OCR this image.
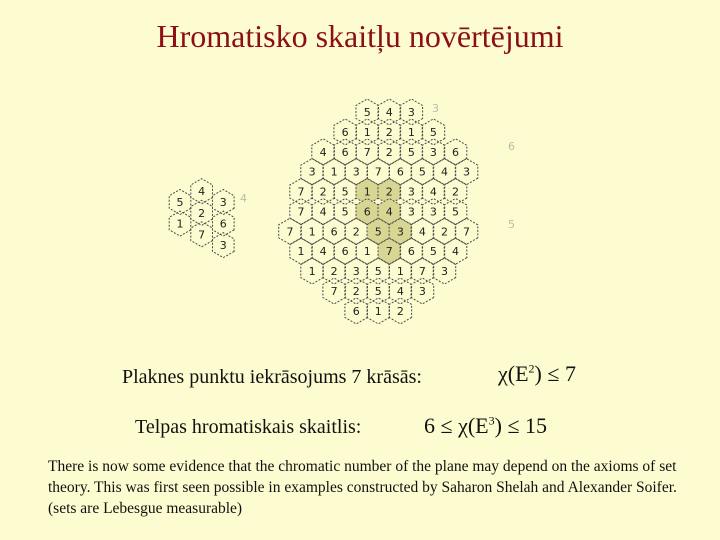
Hromatisko skaitļu novērtējumi
4
5	3
2
1	6
7
3
5 4 3
6 1 2 1 5
4 6 7 2 5 3 6
3 1 3 7 6 5 4 3
7 2 5 1 2 3 4 2
7 4 5 6 4 3 3 5
7 1 6 2 5 3 4 2 7
1 4 6 1 7 6 5 4
1 2 3 5 1 7 3
7 2 5 4 3
6 1 2
3
6
5
4
Plaknes punktu iekrāsojums 7 krāsās:	$\chi(E^2) \le 7$
Telpas hromatiskais skaitlis:	$6 \le \chi(E^3) \le 15$
There is now some evidence that the chromatic number of the plane may depend on the axioms of set theory. This was first seen possible in examples constructed by Saharon Shelah and Alexander Soifer. (sets are Lebesgue measurable)
